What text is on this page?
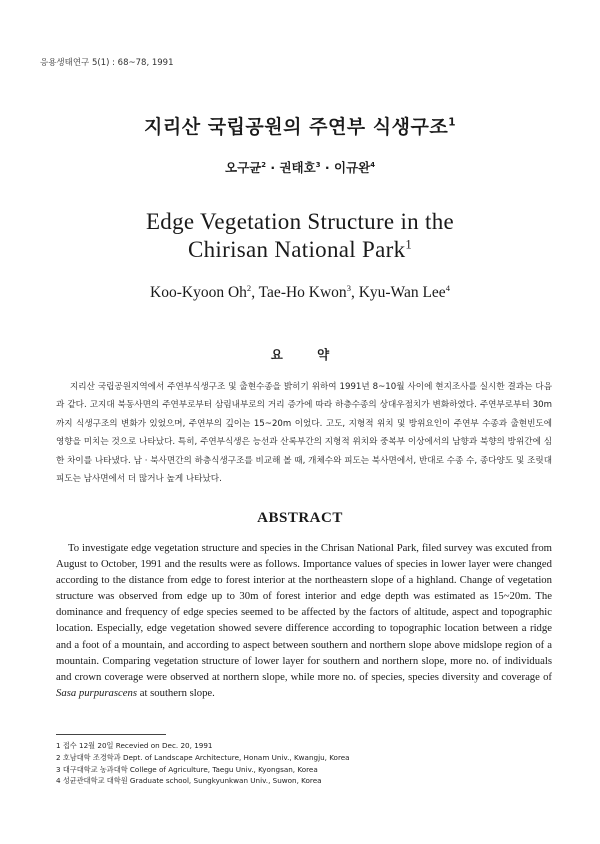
응용생태연구 5(1) : 68~78, 1991
지리산 국립공원의 주연부 식생구조$^1$
오구균$^2$ · 권태호$^3$ · 이규완$^4$
Edge Vegetation Structure in the
Chirisan National Park$^1$
Koo-Kyoon Oh$^2$, Tae-Ho Kwon$^3$, Kyu-Wan Lee$^4$
요 약
지리산 국립공원지역에서 주연부식생구조 및 출현수종을 밝히기 위하여 1991년 8~10월 사이에 현지조사를 실시한 결과는 다음과 같다. 고지대 북동사면의 주연부로부터 삼림내부로의 거리 증가에 따라 하층수종의 상대우점치가 변화하였다. 주연부로부터 30m까지 식생구조의 변화가 있었으며, 주연부의 깊이는 15~20m 이었다. 고도, 지형적 위치 및 방위요인이 주연부 수종과 출현빈도에 영향을 미치는 것으로 나타났다. 특히, 주연부식생은 능선과 산록부간의 지형적 위치와 중복부 이상에서의 남향과 북향의 방위간에 심한 차이를 나타냈다. 남 · 북사면간의 하층식생구조를 비교해 볼 때, 개체수와 피도는 북사면에서, 반대로 수종 수, 종다양도 및 조릿대 피도는 남사면에서 더 많거나 높게 나타났다.
ABSTRACT
To investigate edge vegetation structure and species in the Chrisan National Park, filed survey was excuted from August to October, 1991 and the results were as follows. Importance values of species in lower layer were changed according to the distance from edge to forest interior at the northeastern slope of a highland. Change of vegetation structure was observed from edge up to 30m of forest interior and edge depth was estimated as 15~20m. The dominance and frequency of edge species seemed to be affected by the factors of altitude, aspect and topographic location. Especially, edge vegetation showed severe difference according to topographic location between a ridge and a foot of a mountain, and according to aspect between southern and northern slope above midslope region of a mountain. Comparing vegetation structure of lower layer for southern and northern slope, more no. of individuals and crown coverage were observed at northern slope, while more no. of species, species diversity and coverage of Sasa purpurascens at southern slope.
1 접수 12월 20일 Recevied on Dec. 20, 1991
2 호남대학 조경학과 Dept. of Landscape Architecture, Honam Univ., Kwangju, Korea
3 대구대학교 농과대학 College of Agriculture, Taegu Univ., Kyongsan, Korea
4 성균관대학교 대학원 Graduate school, Sungkyunkwan Univ., Suwon, Korea
